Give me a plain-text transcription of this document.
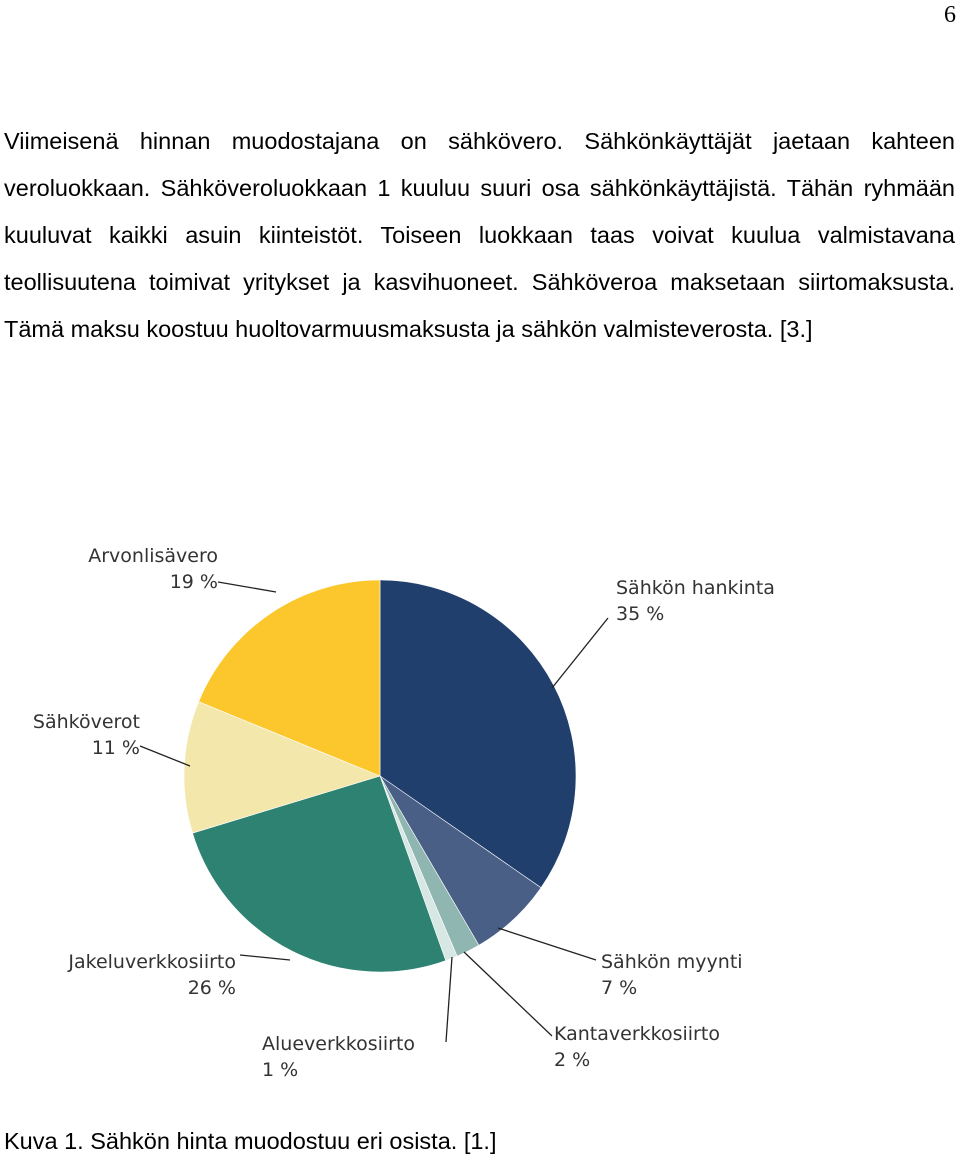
6

Viimeisenä hinnan muodostajana on sähkövero. Sähkönkäyttäjät jaetaan kahteen veroluokkaan. Sähköveroluokkaan 1 kuuluu suuri osa sähkönkäyttäjistä. Tähän ryhmään kuuluvat kaikki asuin kiinteistöt. Toiseen luokkaan taas voivat kuulua valmistavana teollisuutena toimivat yritykset ja kasvihuoneet. Sähköveroa maksetaan siirtomaksusta. Tämä maksu koostuu huoltovarmuusmaksusta ja sähkön valmisteverosta. [3.]

Sähkön hankinta
35 %
Sähkön myynti
7 %
Kantaverkkosiirto
2 %
Alueverkkosiirto
1 %
Jakeluverkkosiirto
26 %
Sähköverot
11 %
Arvonlisävero
19 %

Kuva 1. Sähkön hinta muodostuu eri osista. [1.]
